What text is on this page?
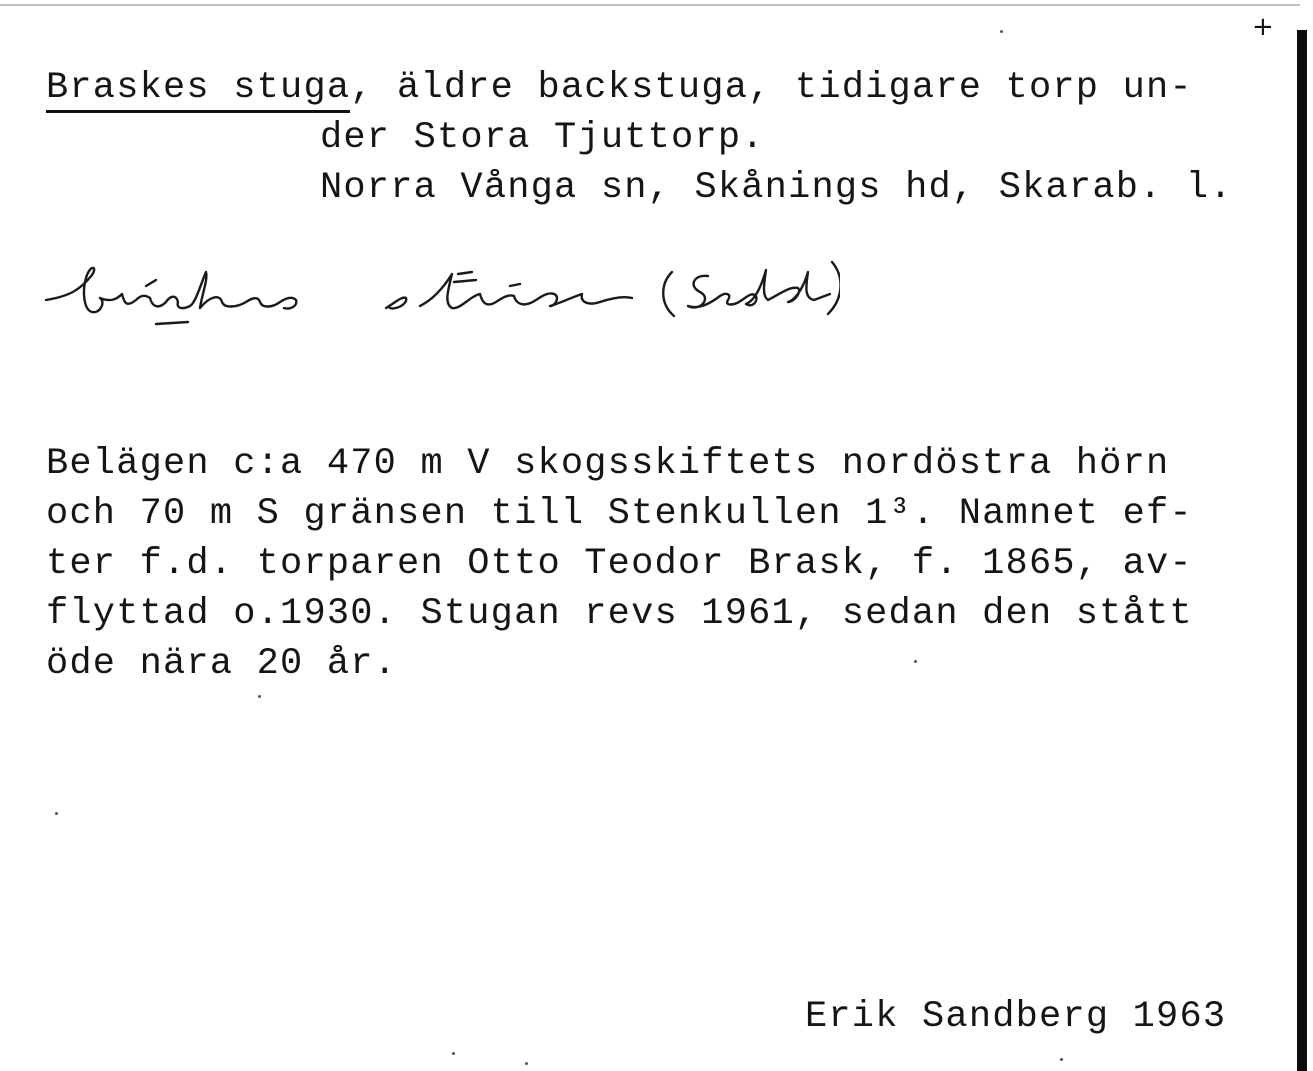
+
Braskes stuga, äldre backstuga, tidigare torp un-
der Stora Tjuttorp.
Norra Vånga sn, Skånings hd, Skarab. l.
Belägen c:a 470 m V skogsskiftets nordöstra hörn
och 70 m S gränsen till Stenkullen 1³. Namnet ef-
ter f.d. torparen Otto Teodor Brask, f. 1865, av-
flyttad o.1930. Stugan revs 1961, sedan den stått
öde nära 20 år.
Erik Sandberg 1963
